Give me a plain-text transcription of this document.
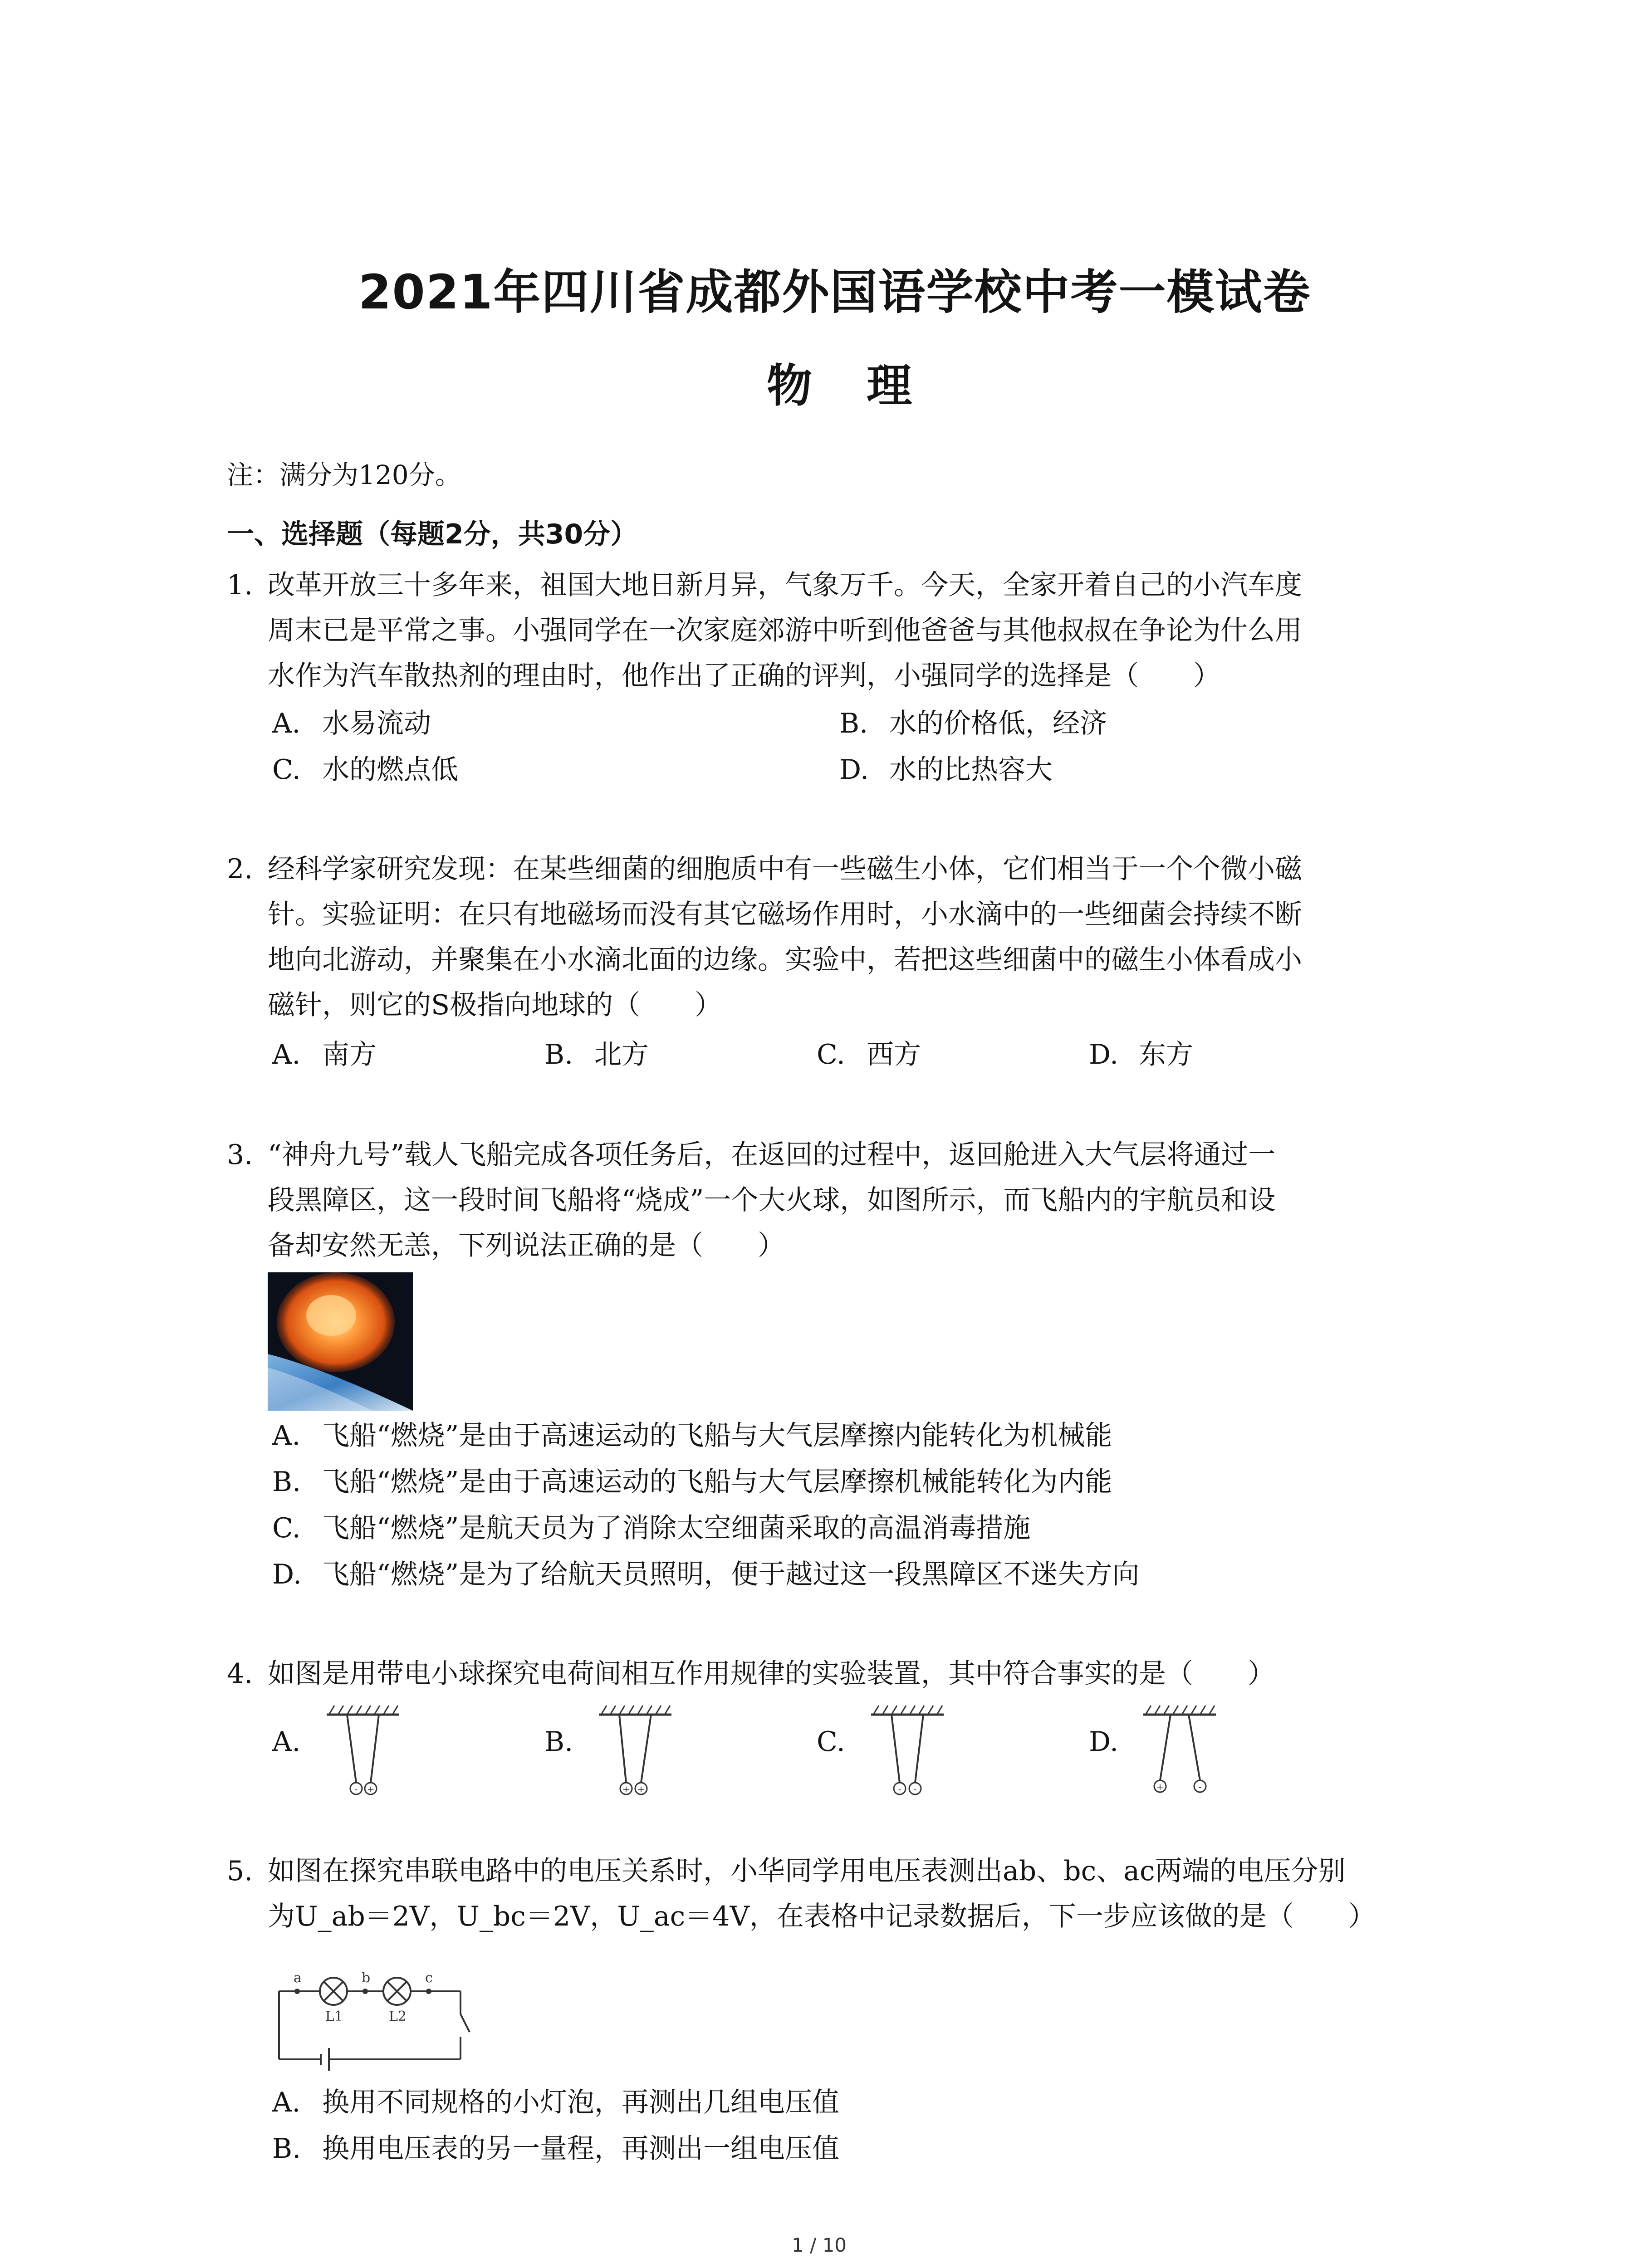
2021年四川省成都外国语学校中考一模试卷
物理
注：满分为120分。
一、选择题（每题2分，共30分）
1. 改革开放三十多年来，祖国大地日新月异，气象万千。今天，全家开着自己的小汽车度
周末已是平常之事。小强同学在一次家庭郊游中听到他爸爸与其他叔叔在争论为什么用
水作为汽车散热剂的理由时，他作出了正确的评判，小强同学的选择是（　　）
A. 水易流动	B. 水的价格低，经济
C. 水的燃点低	D. 水的比热容大
2. 经科学家研究发现：在某些细菌的细胞质中有一些磁生小体，它们相当于一个个微小磁
针。实验证明：在只有地磁场而没有其它磁场作用时，小水滴中的一些细菌会持续不断
地向北游动，并聚集在小水滴北面的边缘。实验中，若把这些细菌中的磁生小体看成小
磁针，则它的S极指向地球的（　　）
A. 南方	B. 北方	C. 西方	D. 东方
3. “神舟九号”载人飞船完成各项任务后，在返回的过程中，返回舱进入大气层将通过一
段黑障区，这一段时间飞船将“烧成”一个大火球，如图所示，而飞船内的宇航员和设
备却安然无恙，下列说法正确的是（　　）
A. 飞船“燃烧”是由于高速运动的飞船与大气层摩擦内能转化为机械能
B. 飞船“燃烧”是由于高速运动的飞船与大气层摩擦机械能转化为内能
C. 飞船“燃烧”是航天员为了消除太空细菌采取的高温消毒措施
D. 飞船“燃烧”是为了给航天员照明，便于越过这一段黑障区不迷失方向
4. 如图是用带电小球探究电荷间相互作用规律的实验装置，其中符合事实的是（　　）
A.	B.	C.	D.
- +	+ +	- -	+	-
5. 如图在探究串联电路中的电压关系时，小华同学用电压表测出ab、bc、ac两端的电压分别
为U_ab＝2V，U_bc＝2V，U_ac＝4V，在表格中记录数据后，下一步应该做的是（　　）
a	b	c
L1	L2
A. 换用不同规格的小灯泡，再测出几组电压值
B. 换用电压表的另一量程，再测出一组电压值
1 / 10
